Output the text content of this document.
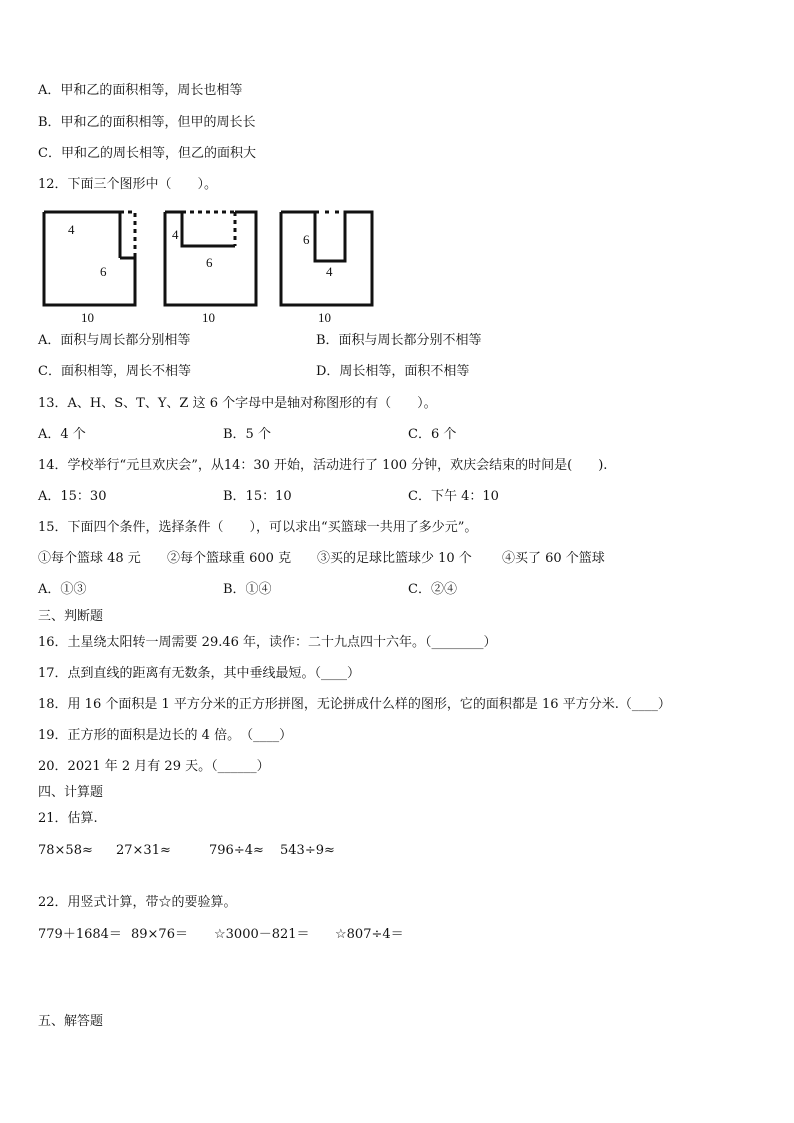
A．甲和乙的面积相等，周长也相等
B．甲和乙的面积相等，但甲的周长长
C．甲和乙的周长相等，但乙的面积大
12．下面三个图形中（　　）。
4
6
10
4
6
10
6
4
10
A．面积与周长都分别相等	B．面积与周长都分别不相等
C．面积相等，周长不相等	D．周长相等，面积不相等
13．A、H、S、T、Y、Z 这 6 个字母中是轴对称图形的有（　　）。
A．4 个	B．5 个	C．6 个
14．学校举行“元旦欢庆会”，从14：30 开始，活动进行了 100 分钟，欢庆会结束的时间是(　　).
A．15：30	B．15：10	C．下午 4：10
15．下面四个条件，选择条件（　　），可以求出“买篮球一共用了多少元”。
①每个篮球 48 元 ②每个篮球重 600 克 ③买的足球比篮球少 10 个 ④买了 60 个篮球
A．①③	B．①④	C．②④
三、判断题
16．土星绕太阳转一周需要 29.46 年，读作：二十九点四十六年。（________）
17．点到直线的距离有无数条，其中垂线最短。（____）
18．用 16 个面积是 1 平方分米的正方形拼图，无论拼成什么样的图形，它的面积都是 16 平方分米.（____）
19．正方形的面积是边长的 4 倍。　（____）
20．2021 年 2 月有 29 天。（______）
四、计算题
21．估算.
78×58≈ 27×31≈	796÷4≈ 543÷9≈
22．用竖式计算，带☆的要验算。
779＋1684＝ 89×76＝ ☆3000－821＝ ☆807÷4＝
五、解答题
